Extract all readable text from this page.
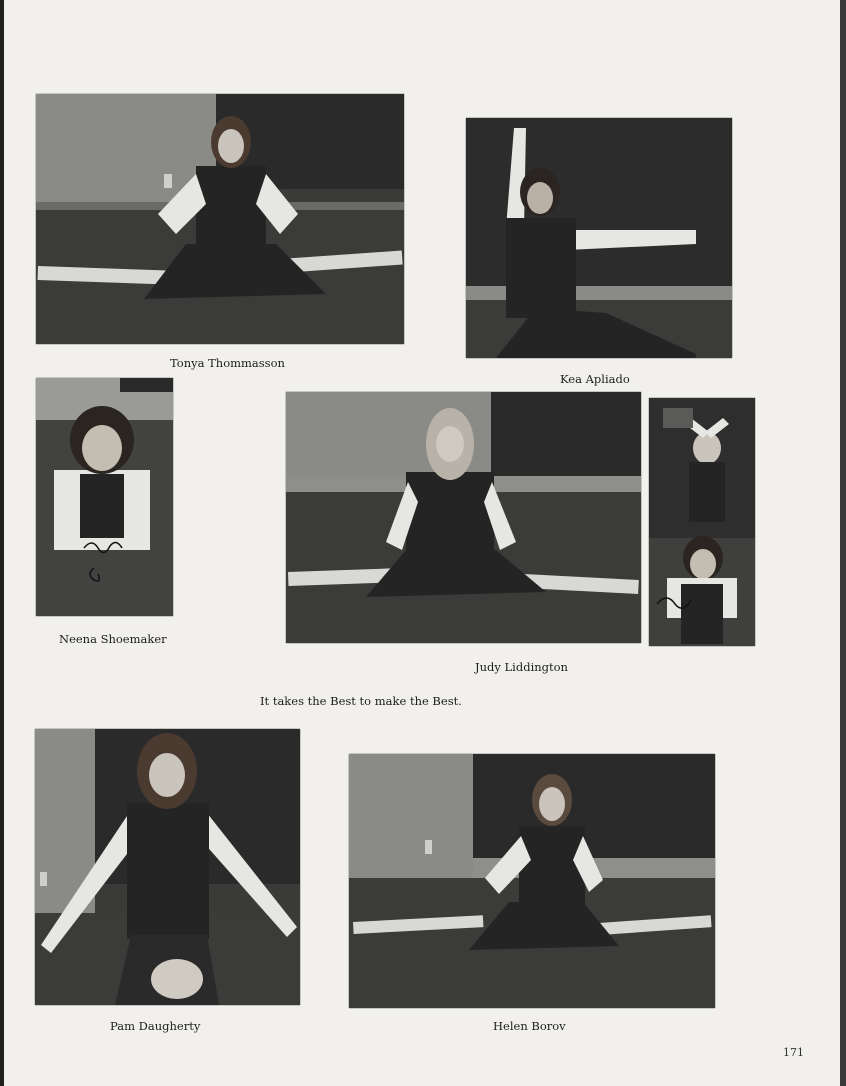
Tonya Thommasson
Kea Apliado
Neena Shoemaker
Judy Liddington
It takes the Best to make the Best.
Pam Daugherty	Helen Borov
171
